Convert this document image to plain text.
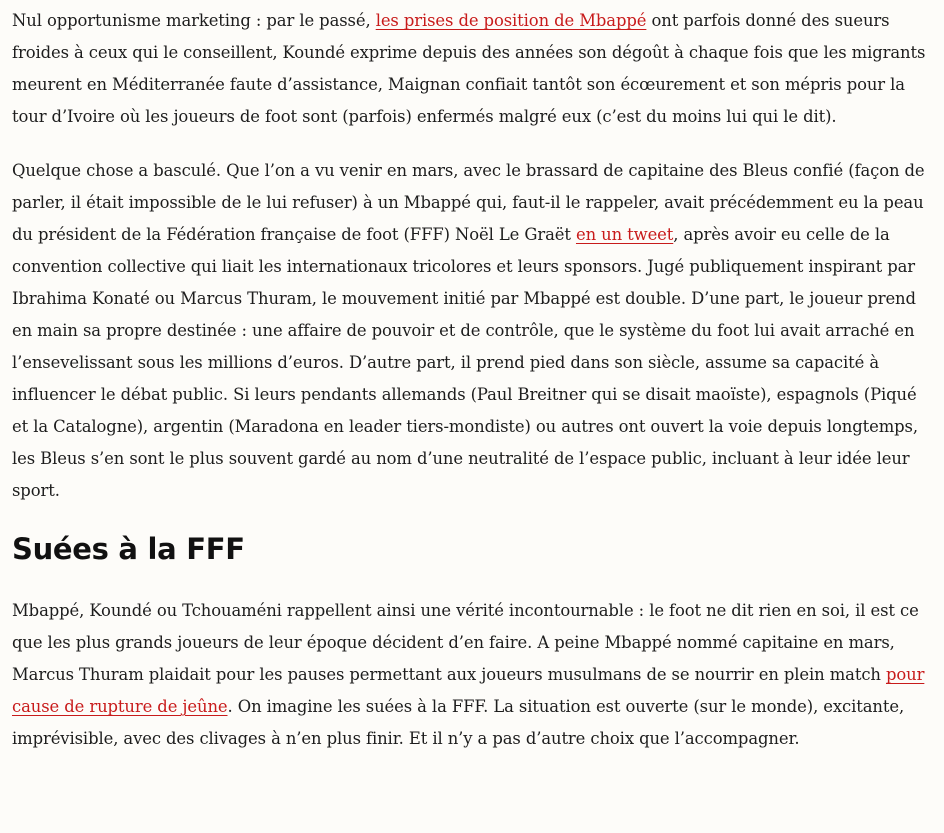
Nul opportunisme marketing : par le passé, les prises de position de Mbappé ont parfois donné des sueurs froides à ceux qui le conseillent, Koundé exprime depuis des années son dégoût à chaque fois que les migrants meurent en Méditerranée faute d’assistance, Maignan confiait tantôt son écœurement et son mépris pour la tour d’Ivoire où les joueurs de foot sont (parfois) enfermés malgré eux (c’est du moins lui qui le dit).

Quelque chose a basculé. Que l’on a vu venir en mars, avec le brassard de capitaine des Bleus confié (façon de parler, il était impossible de le lui refuser) à un Mbappé qui, faut-il le rappeler, avait précédemment eu la peau du président de la Fédération française de foot (FFF) Noël Le Graët en un tweet, après avoir eu celle de la convention collective qui liait les internationaux tricolores et leurs sponsors. Jugé publiquement inspirant par Ibrahima Konaté ou Marcus Thuram, le mouvement initié par Mbappé est double. D’une part, le joueur prend en main sa propre destinée : une affaire de pouvoir et de contrôle, que le système du foot lui avait arraché en l’ensevelissant sous les millions d’euros. D’autre part, il prend pied dans son siècle, assume sa capacité à influencer le débat public. Si leurs pendants allemands (Paul Breitner qui se disait maoïste), espagnols (Piqué et la Catalogne), argentin (Maradona en leader tiers-mondiste) ou autres ont ouvert la voie depuis longtemps, les Bleus s’en sont le plus souvent gardé au nom d’une neutralité de l’espace public, incluant à leur idée leur sport.

Suées à la FFF

Mbappé, Koundé ou Tchouaméni rappellent ainsi une vérité incontournable : le foot ne dit rien en soi, il est ce que les plus grands joueurs de leur époque décident d’en faire. A peine Mbappé nommé capitaine en mars, Marcus Thuram plaidait pour les pauses permettant aux joueurs musulmans de se nourrir en plein match pour cause de rupture de jeûne. On imagine les suées à la FFF. La situation est ouverte (sur le monde), excitante, imprévisible, avec des clivages à n’en plus finir. Et il n’y a pas d’autre choix que l’accompagner.
